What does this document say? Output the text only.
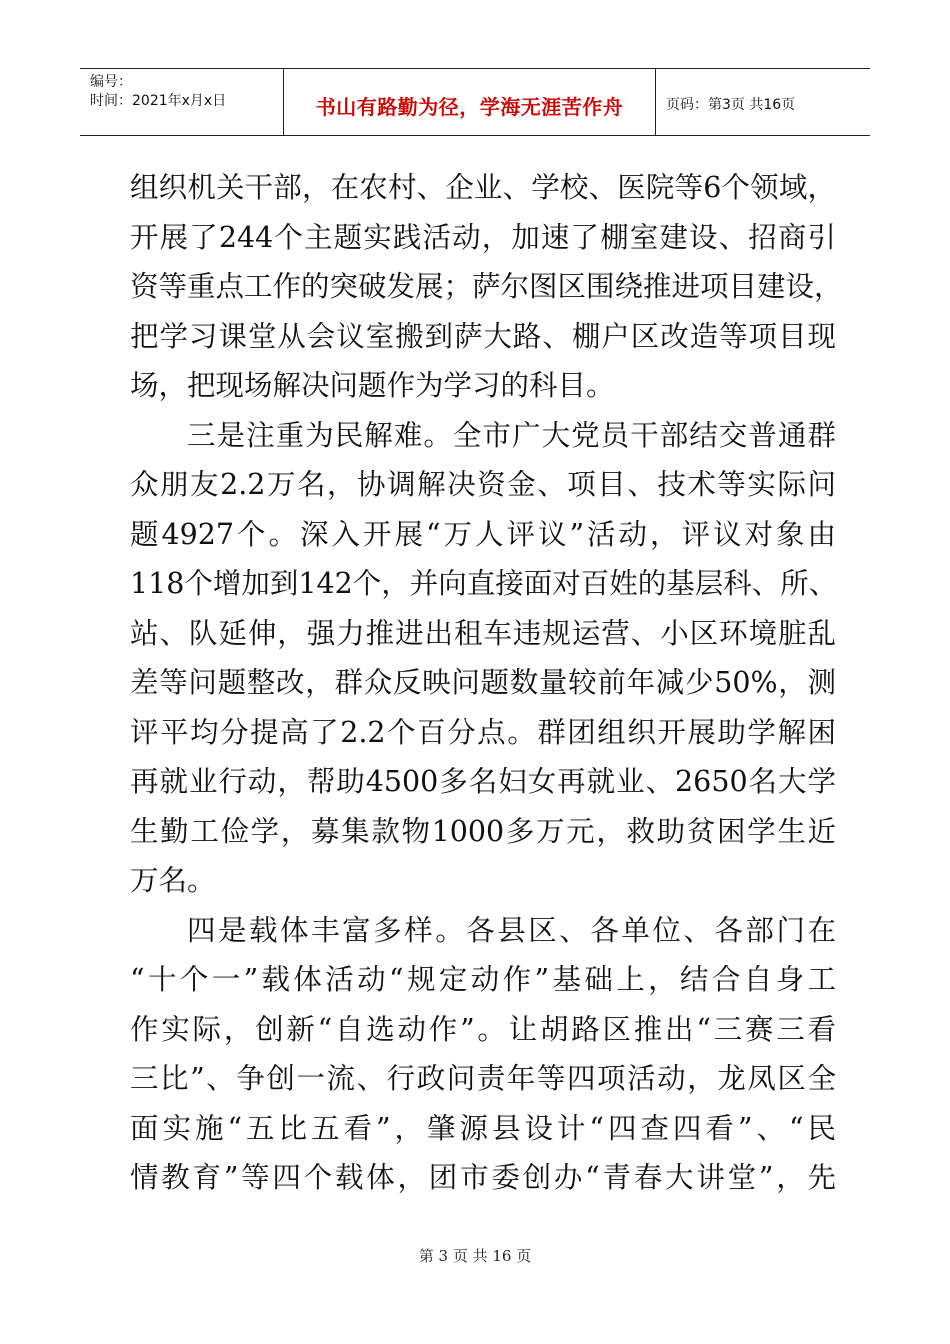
编号：
时间：2021年x月x日	书山有路勤为径，学海无涯苦作舟	页码：第3页 共16页
组织机关干部，在农村、企业、学校、医院等6个领域，
开展了244个主题实践活动，加速了棚室建设、招商引
资等重点工作的突破发展；萨尔图区围绕推进项目建设，
把学习课堂从会议室搬到萨大路、棚户区改造等项目现
场，把现场解决问题作为学习的科目。
三是注重为民解难。全市广大党员干部结交普通群
众朋友2.2万名，协调解决资金、项目、技术等实际问
题4927个。深入开展“万人评议”活动，评议对象由
118个增加到142个，并向直接面对百姓的基层科、所、
站、队延伸，强力推进出租车违规运营、小区环境脏乱
差等问题整改，群众反映问题数量较前年减少50%，测
评平均分提高了2.2个百分点。群团组织开展助学解困
再就业行动，帮助4500多名妇女再就业、2650名大学
生勤工俭学，募集款物1000多万元，救助贫困学生近
万名。
四是载体丰富多样。各县区、各单位、各部门在
“十个一”载体活动“规定动作”基础上，结合自身工
作实际，创新“自选动作”。让胡路区推出“三赛三看
三比”、争创一流、行政问责年等四项活动，龙凤区全
面实施“五比五看”，肇源县设计“四查四看”、“民
情教育”等四个载体，团市委创办“青春大讲堂”，先
第 3 页 共 16 页
